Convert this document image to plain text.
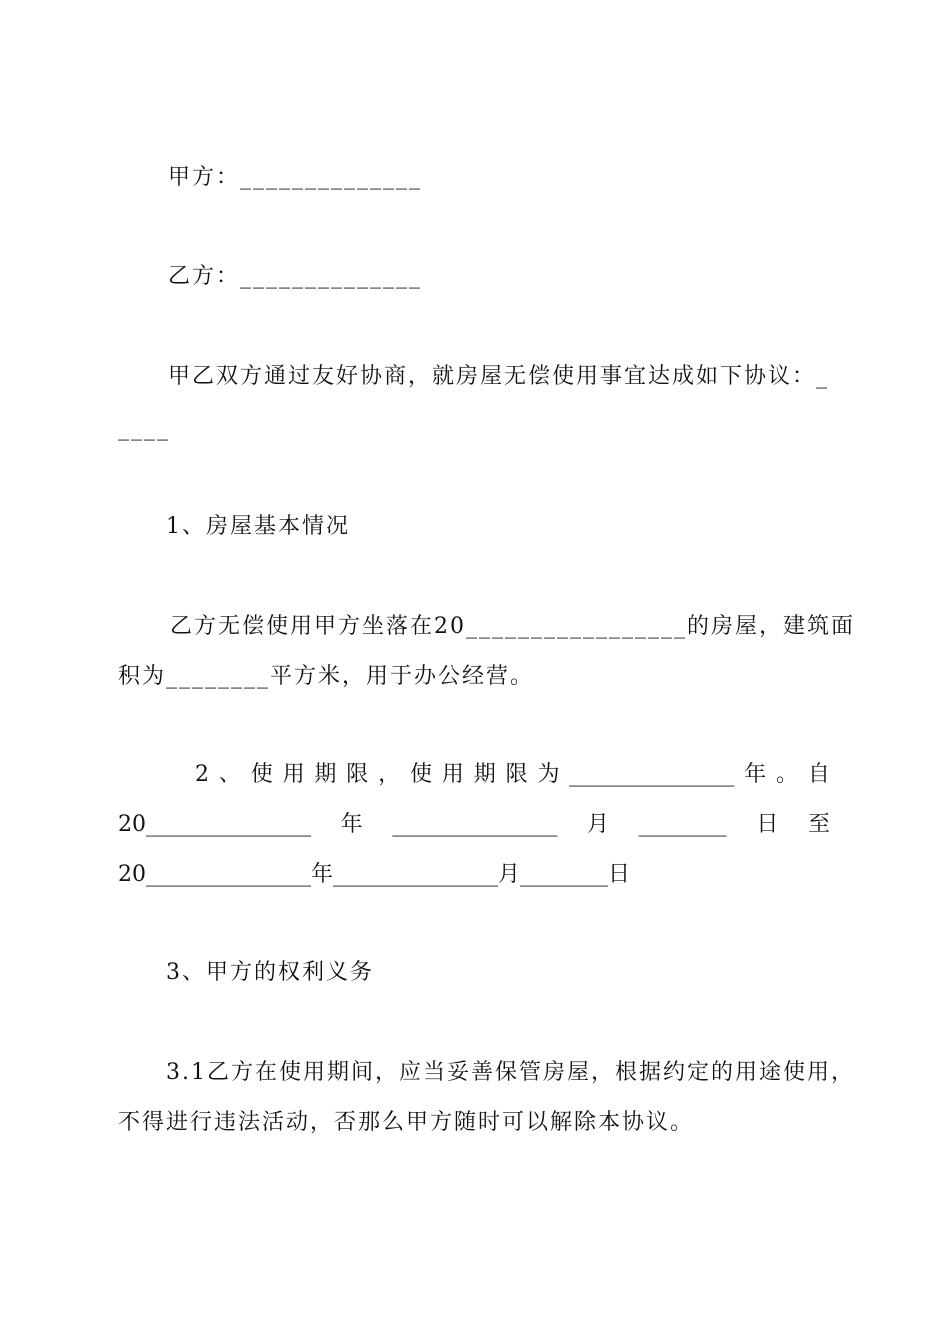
甲方：______________
乙方：______________
甲乙双方通过友好协商，就房屋无偿使用事宜达成如下协议：_
____
1、房屋基本情况
乙方无偿使用甲方坐落在20_________________的房屋，建筑面
积为________平方米，用于办公经营。
2 、 使 用 期 限 ， 使 用 期 限 为 _______________ 年 。 自
20_______________ 年 _______________ 月 ________ 日 至
20_______________年_______________月________日
3、甲方的权利义务
3.1乙方在使用期间，应当妥善保管房屋，根据约定的用途使用，
不得进行违法活动，否那么甲方随时可以解除本协议。
